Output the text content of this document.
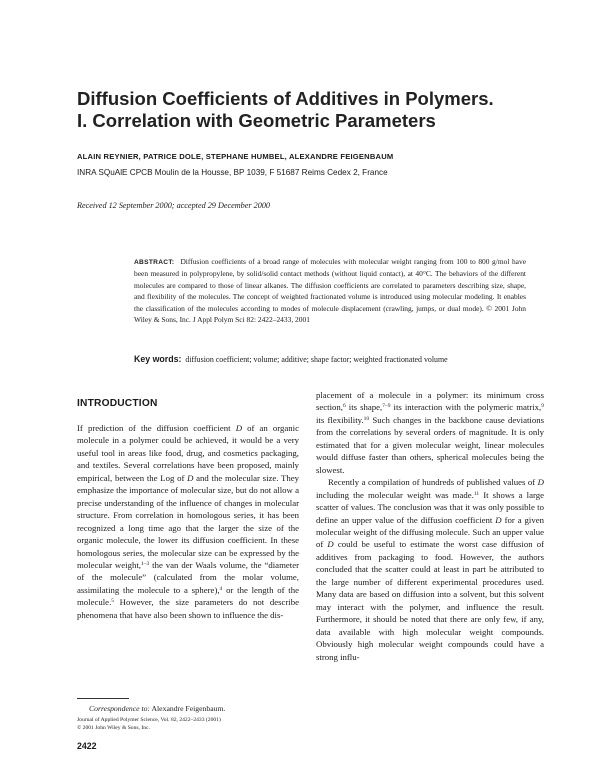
Diffusion Coefficients of Additives in Polymers.
I. Correlation with Geometric Parameters
ALAIN REYNIER, PATRICE DOLE, STEPHANE HUMBEL, ALEXANDRE FEIGENBAUM
INRA SQuAlE CPCB Moulin de la Housse, BP 1039, F 51687 Reims Cedex 2, France
Received 12 September 2000; accepted 29 December 2000
ABSTRACT: Diffusion coefficients of a broad range of molecules with molecular weight ranging from 100 to 800 g/mol have been measured in polypropylene, by solid/solid contact methods (without liquid contact), at 40°C. The behaviors of the different molecules are compared to those of linear alkanes. The diffusion coefficients are correlated to parameters describing size, shape, and flexibility of the molecules. The concept of weighted fractionated volume is introduced using molecular modeling. It enables the classification of the molecules according to modes of molecule displacement (crawling, jumps, or dual mode). © 2001 John Wiley & Sons, Inc. J Appl Polym Sci 82: 2422–2433, 2001
Key words: diffusion coefficient; volume; additive; shape factor; weighted fractionated volume
INTRODUCTION

If prediction of the diffusion coefficient D of an organic molecule in a polymer could be achieved, it would be a very useful tool in areas like food, drug, and cosmetics packaging, and textiles. Several correlations have been proposed, mainly empirical, between the Log of D and the molecular size. They emphasize the importance of molecular size, but do not allow a precise understanding of the influence of changes in molecular structure. From correlation in homologous series, it has been recognized a long time ago that the larger the size of the organic molecule, the lower its diffusion coefficient. In these homologous series, the molecular size can be expressed by the molecular weight,$^{1-3}$ the van der Waals volume, the “diameter of the molecule” (calculated from the molar volume, assimilating the molecule to a sphere),$^4$ or the length of the molecule.$^5$ However, the size parameters do not describe phenomena that have also been shown to influence the dis-

placement of a molecule in a polymer: its minimum cross section,$^6$ its shape,$^{7-9}$ its interaction with the polymeric matrix,$^9$ its flexibility.$^{10}$ Such changes in the backbone cause deviations from the correlations by several orders of magnitude. It is only estimated that for a given molecular weight, linear molecules would diffuse faster than others, spherical molecules being the slowest.

Recently a compilation of hundreds of published values of D including the molecular weight was made.$^{11}$ It shows a large scatter of values. The conclusion was that it was only possible to define an upper value of the diffusion coefficient D for a given molecular weight of the diffusing molecule. Such an upper value of D could be useful to estimate the worst case diffusion of additives from packaging to food. However, the authors concluded that the scatter could at least in part be attributed to the large number of different experimental procedures used. Many data are based on diffusion into a solvent, but this solvent may interact with the polymer, and influence the result. Furthermore, it should be noted that there are only few, if any, data available with high molecular weight compounds. Obviously high molecular weight compounds could have a strong influ-

Correspondence to: Alexandre Feigenbaum.
Journal of Applied Polymer Science, Vol. 82, 2422–2433 (2001)
© 2001 John Wiley & Sons, Inc.
2422
